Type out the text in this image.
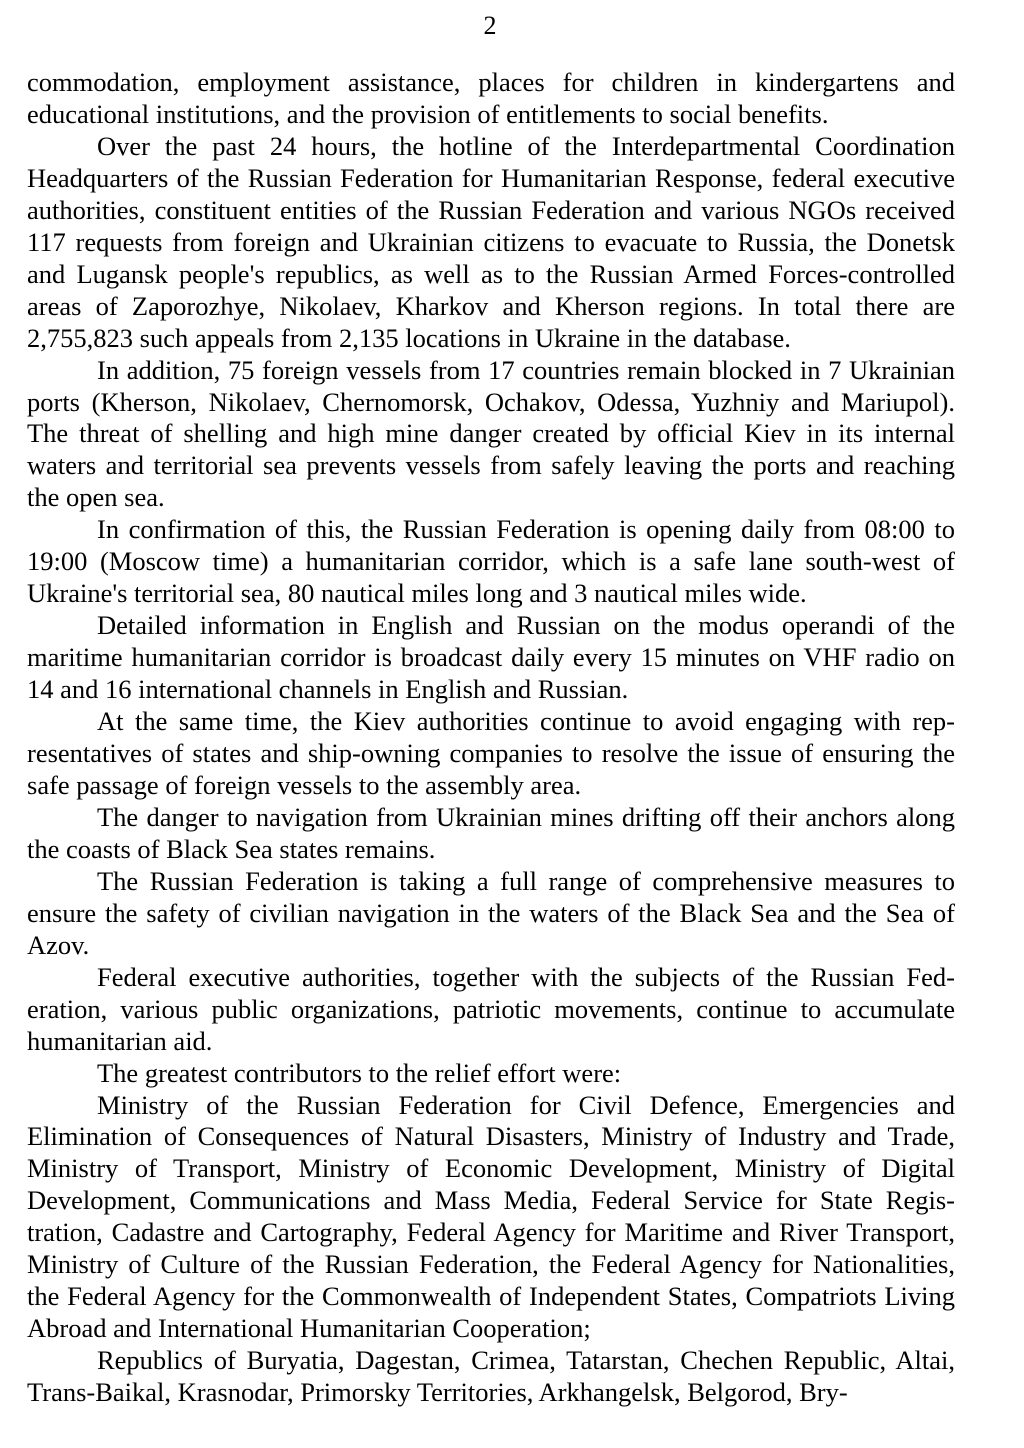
2

commodation, employment assistance, places for children in kindergartens and educational institutions, and the provision of entitlements to social benefits.

Over the past 24 hours, the hotline of the Interdepartmental Coordination Headquarters of the Russian Federation for Humanitarian Response, federal executive authorities, constituent entities of the Russian Federation and various NGOs received 117 requests from foreign and Ukrainian citizens to evacuate to Russia, the Donetsk and Lugansk people's republics, as well as to the Russian Armed Forces-controlled areas of Zaporozhye, Nikolaev, Kharkov and Kherson regions. In total there are 2,755,823 such appeals from 2,135 locations in Ukraine in the database.

In addition, 75 foreign vessels from 17 countries remain blocked in 7 Ukrainian ports (Kherson, Nikolaev, Chernomorsk, Ochakov, Odessa, Yuzhniy and Mariupol). The threat of shelling and high mine danger created by official Kiev in its internal waters and territorial sea prevents vessels from safely leaving the ports and reaching the open sea.

In confirmation of this, the Russian Federation is opening daily from 08:00 to 19:00 (Moscow time) a humanitarian corridor, which is a safe lane south-west of Ukraine's territorial sea, 80 nautical miles long and 3 nautical miles wide.

Detailed information in English and Russian on the modus operandi of the maritime humanitarian corridor is broadcast daily every 15 minutes on VHF radio on 14 and 16 international channels in English and Russian.

At the same time, the Kiev authorities continue to avoid engaging with representatives of states and ship-owning companies to resolve the issue of ensuring the safe passage of foreign vessels to the assembly area.

The danger to navigation from Ukrainian mines drifting off their anchors along the coasts of Black Sea states remains.

The Russian Federation is taking a full range of comprehensive measures to ensure the safety of civilian navigation in the waters of the Black Sea and the Sea of Azov.

Federal executive authorities, together with the subjects of the Russian Federation, various public organizations, patriotic movements, continue to accumulate humanitarian aid.

The greatest contributors to the relief effort were:

Ministry of the Russian Federation for Civil Defence, Emergencies and Elimination of Consequences of Natural Disasters, Ministry of Industry and Trade, Ministry of Transport, Ministry of Economic Development, Ministry of Digital Development, Communications and Mass Media, Federal Service for State Registration, Cadastre and Cartography, Federal Agency for Maritime and River Transport, Ministry of Culture of the Russian Federation, the Federal Agency for Nationalities, the Federal Agency for the Commonwealth of Independent States, Compatriots Living Abroad and International Humanitarian Cooperation;

Republics of Buryatia, Dagestan, Crimea, Tatarstan, Chechen Republic, Altai, Trans-Baikal, Krasnodar, Primorsky Territories, Arkhangelsk, Belgorod, Bry-
